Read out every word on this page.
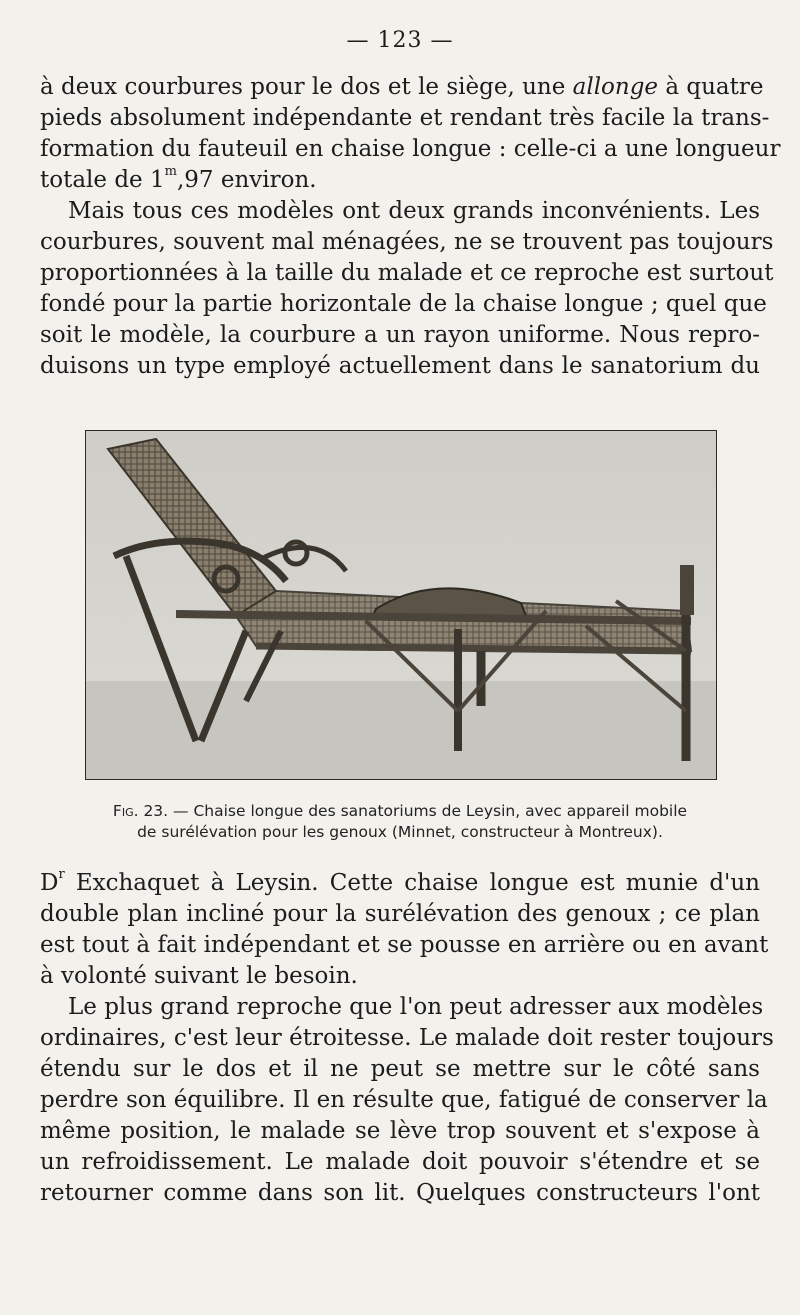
— 123 —
à deux courbures pour le dos et le siège, une allonge à quatre
pieds absolument indépendante et rendant très facile la trans-
formation du fauteuil en chaise longue : celle-ci a une longueur
totale de 1$^m$,97 environ.
Mais tous ces modèles ont deux grands inconvénients. Les
courbures, souvent mal ménagées, ne se trouvent pas toujours
proportionnées à la taille du malade et ce reproche est surtout
fondé pour la partie horizontale de la chaise longue ; quel que
soit le modèle, la courbure a un rayon uniforme. Nous repro-
duisons un type employé actuellement dans le sanatorium du
Fig. 23. — Chaise longue des sanatoriums de Leysin, avec appareil mobile
de surélévation pour les genoux (Minnet, constructeur à Montreux).
$D^r$ Exchaquet à Leysin. Cette chaise longue est munie d'un
double plan incliné pour la surélévation des genoux ; ce plan
est tout à fait indépendant et se pousse en arrière ou en avant
à volonté suivant le besoin.
Le plus grand reproche que l'on peut adresser aux modèles
ordinaires, c'est leur étroitesse. Le malade doit rester toujours
étendu sur le dos et il ne peut se mettre sur le côté sans
perdre son équilibre. Il en résulte que, fatigué de conserver la
même position, le malade se lève trop souvent et s'expose à
un refroidissement. Le malade doit pouvoir s'étendre et se
retourner comme dans son lit. Quelques constructeurs l'ont
